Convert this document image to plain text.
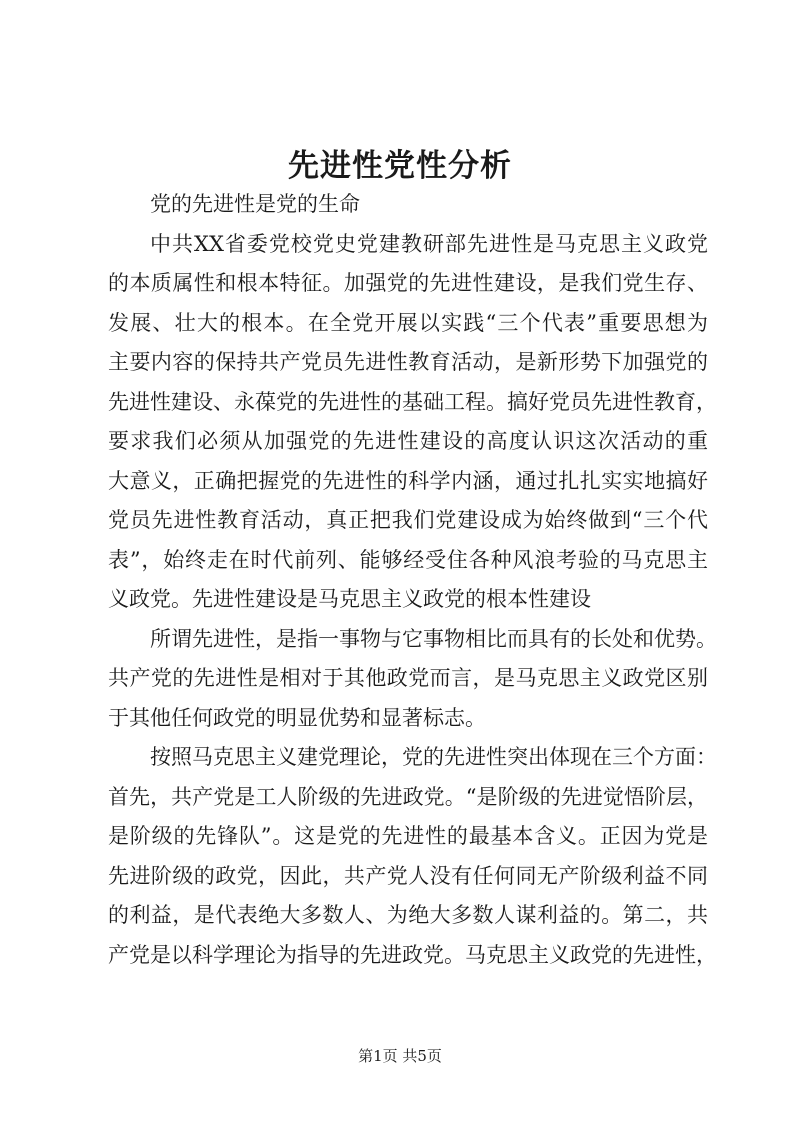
先进性党性分析
党的先进性是党的生命
中共XX省委党校党史党建教研部先进性是马克思主义政党
的本质属性和根本特征。加强党的先进性建设，是我们党生存、
发展、壮大的根本。在全党开展以实践“三个代表”重要思想为
主要内容的保持共产党员先进性教育活动，是新形势下加强党的
先进性建设、永葆党的先进性的基础工程。搞好党员先进性教育，
要求我们必须从加强党的先进性建设的高度认识这次活动的重
大意义，正确把握党的先进性的科学内涵，通过扎扎实实地搞好
党员先进性教育活动，真正把我们党建设成为始终做到“三个代
表”，始终走在时代前列、能够经受住各种风浪考验的马克思主
义政党。先进性建设是马克思主义政党的根本性建设
所谓先进性，是指一事物与它事物相比而具有的长处和优势。
共产党的先进性是相对于其他政党而言，是马克思主义政党区别
于其他任何政党的明显优势和显著标志。
按照马克思主义建党理论，党的先进性突出体现在三个方面：
首先，共产党是工人阶级的先进政党。“是阶级的先进觉悟阶层，
是阶级的先锋队”。这是党的先进性的最基本含义。正因为党是
先进阶级的政党，因此，共产党人没有任何同无产阶级利益不同
的利益，是代表绝大多数人、为绝大多数人谋利益的。第二，共
产党是以科学理论为指导的先进政党。马克思主义政党的先进性，
第1页 共5页
